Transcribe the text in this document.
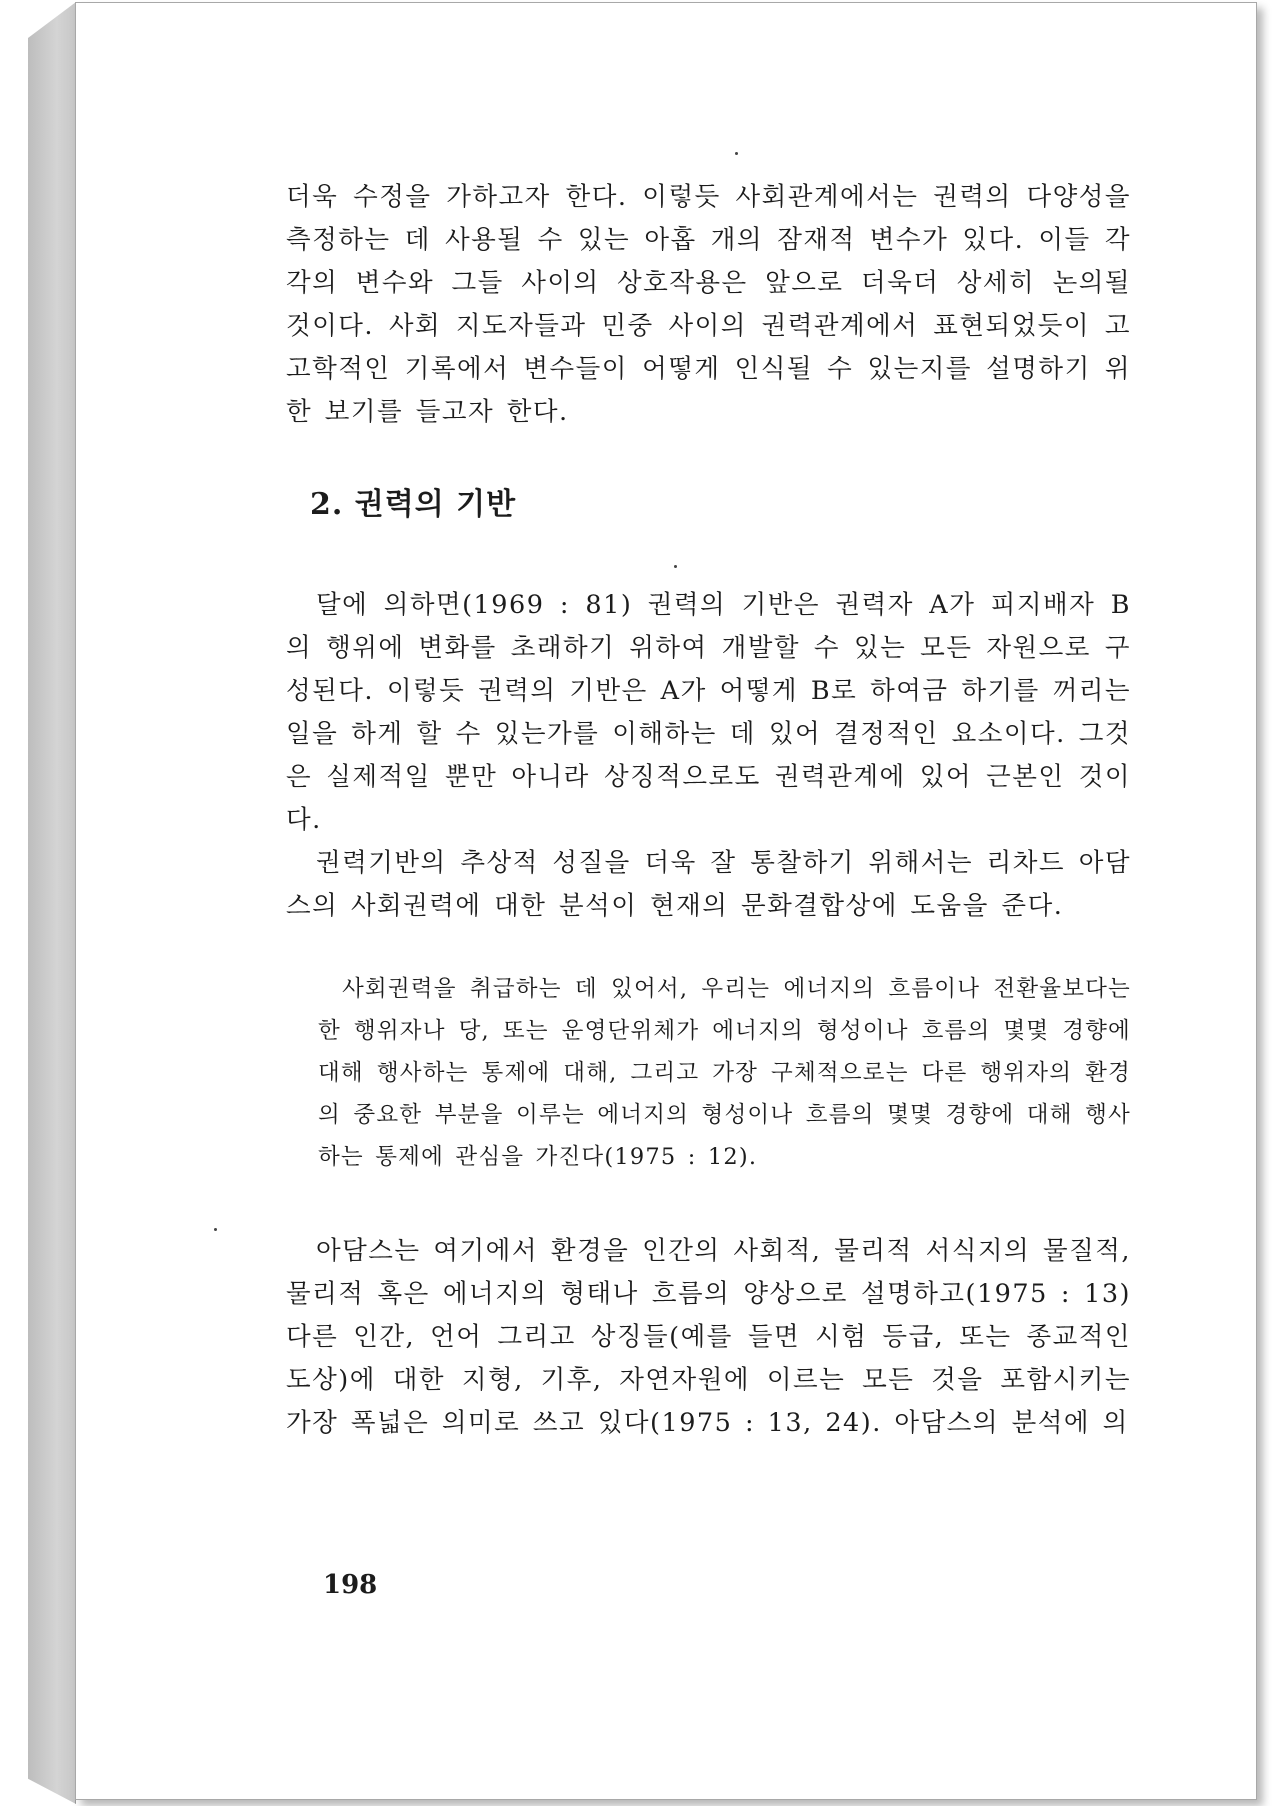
더욱 수정을 가하고자 한다. 이렇듯 사회관계에서는 권력의 다양성을 측정하는 데 사용될 수 있는 아홉 개의 잠재적 변수가 있다. 이들 각각의 변수와 그들 사이의 상호작용은 앞으로 더욱더 상세히 논의될 것이다. 사회 지도자들과 민중 사이의 권력관계에서 표현되었듯이 고고학적인 기록에서 변수들이 어떻게 인식될 수 있는지를 설명하기 위한 보기를 들고자 한다.

2. 권력의 기반

달에 의하면(1969 : 81) 권력의 기반은 권력자 A가 피지배자 B의 행위에 변화를 초래하기 위하여 개발할 수 있는 모든 자원으로 구성된다. 이렇듯 권력의 기반은 A가 어떻게 B로 하여금 하기를 꺼리는 일을 하게 할 수 있는가를 이해하는 데 있어 결정적인 요소이다. 그것은 실제적일 뿐만 아니라 상징적으로도 권력관계에 있어 근본인 것이다.

권력기반의 추상적 성질을 더욱 잘 통찰하기 위해서는 리차드 아담스의 사회권력에 대한 분석이 현재의 문화결합상에 도움을 준다.

사회권력을 취급하는 데 있어서, 우리는 에너지의 흐름이나 전환율보다는 한 행위자나 당, 또는 운영단위체가 에너지의 형성이나 흐름의 몇몇 경향에 대해 행사하는 통제에 대해, 그리고 가장 구체적으로는 다른 행위자의 환경의 중요한 부분을 이루는 에너지의 형성이나 흐름의 몇몇 경향에 대해 행사하는 통제에 관심을 가진다(1975 : 12).

아담스는 여기에서 환경을 인간의 사회적, 물리적 서식지의 물질적, 물리적 혹은 에너지의 형태나 흐름의 양상으로 설명하고(1975 : 13) 다른 인간, 언어 그리고 상징들(예를 들면 시험 등급, 또는 종교적인 도상)에 대한 지형, 기후, 자연자원에 이르는 모든 것을 포함시키는 가장 폭넓은 의미로 쓰고 있다(1975 : 13, 24). 아담스의 분석에 의

198
